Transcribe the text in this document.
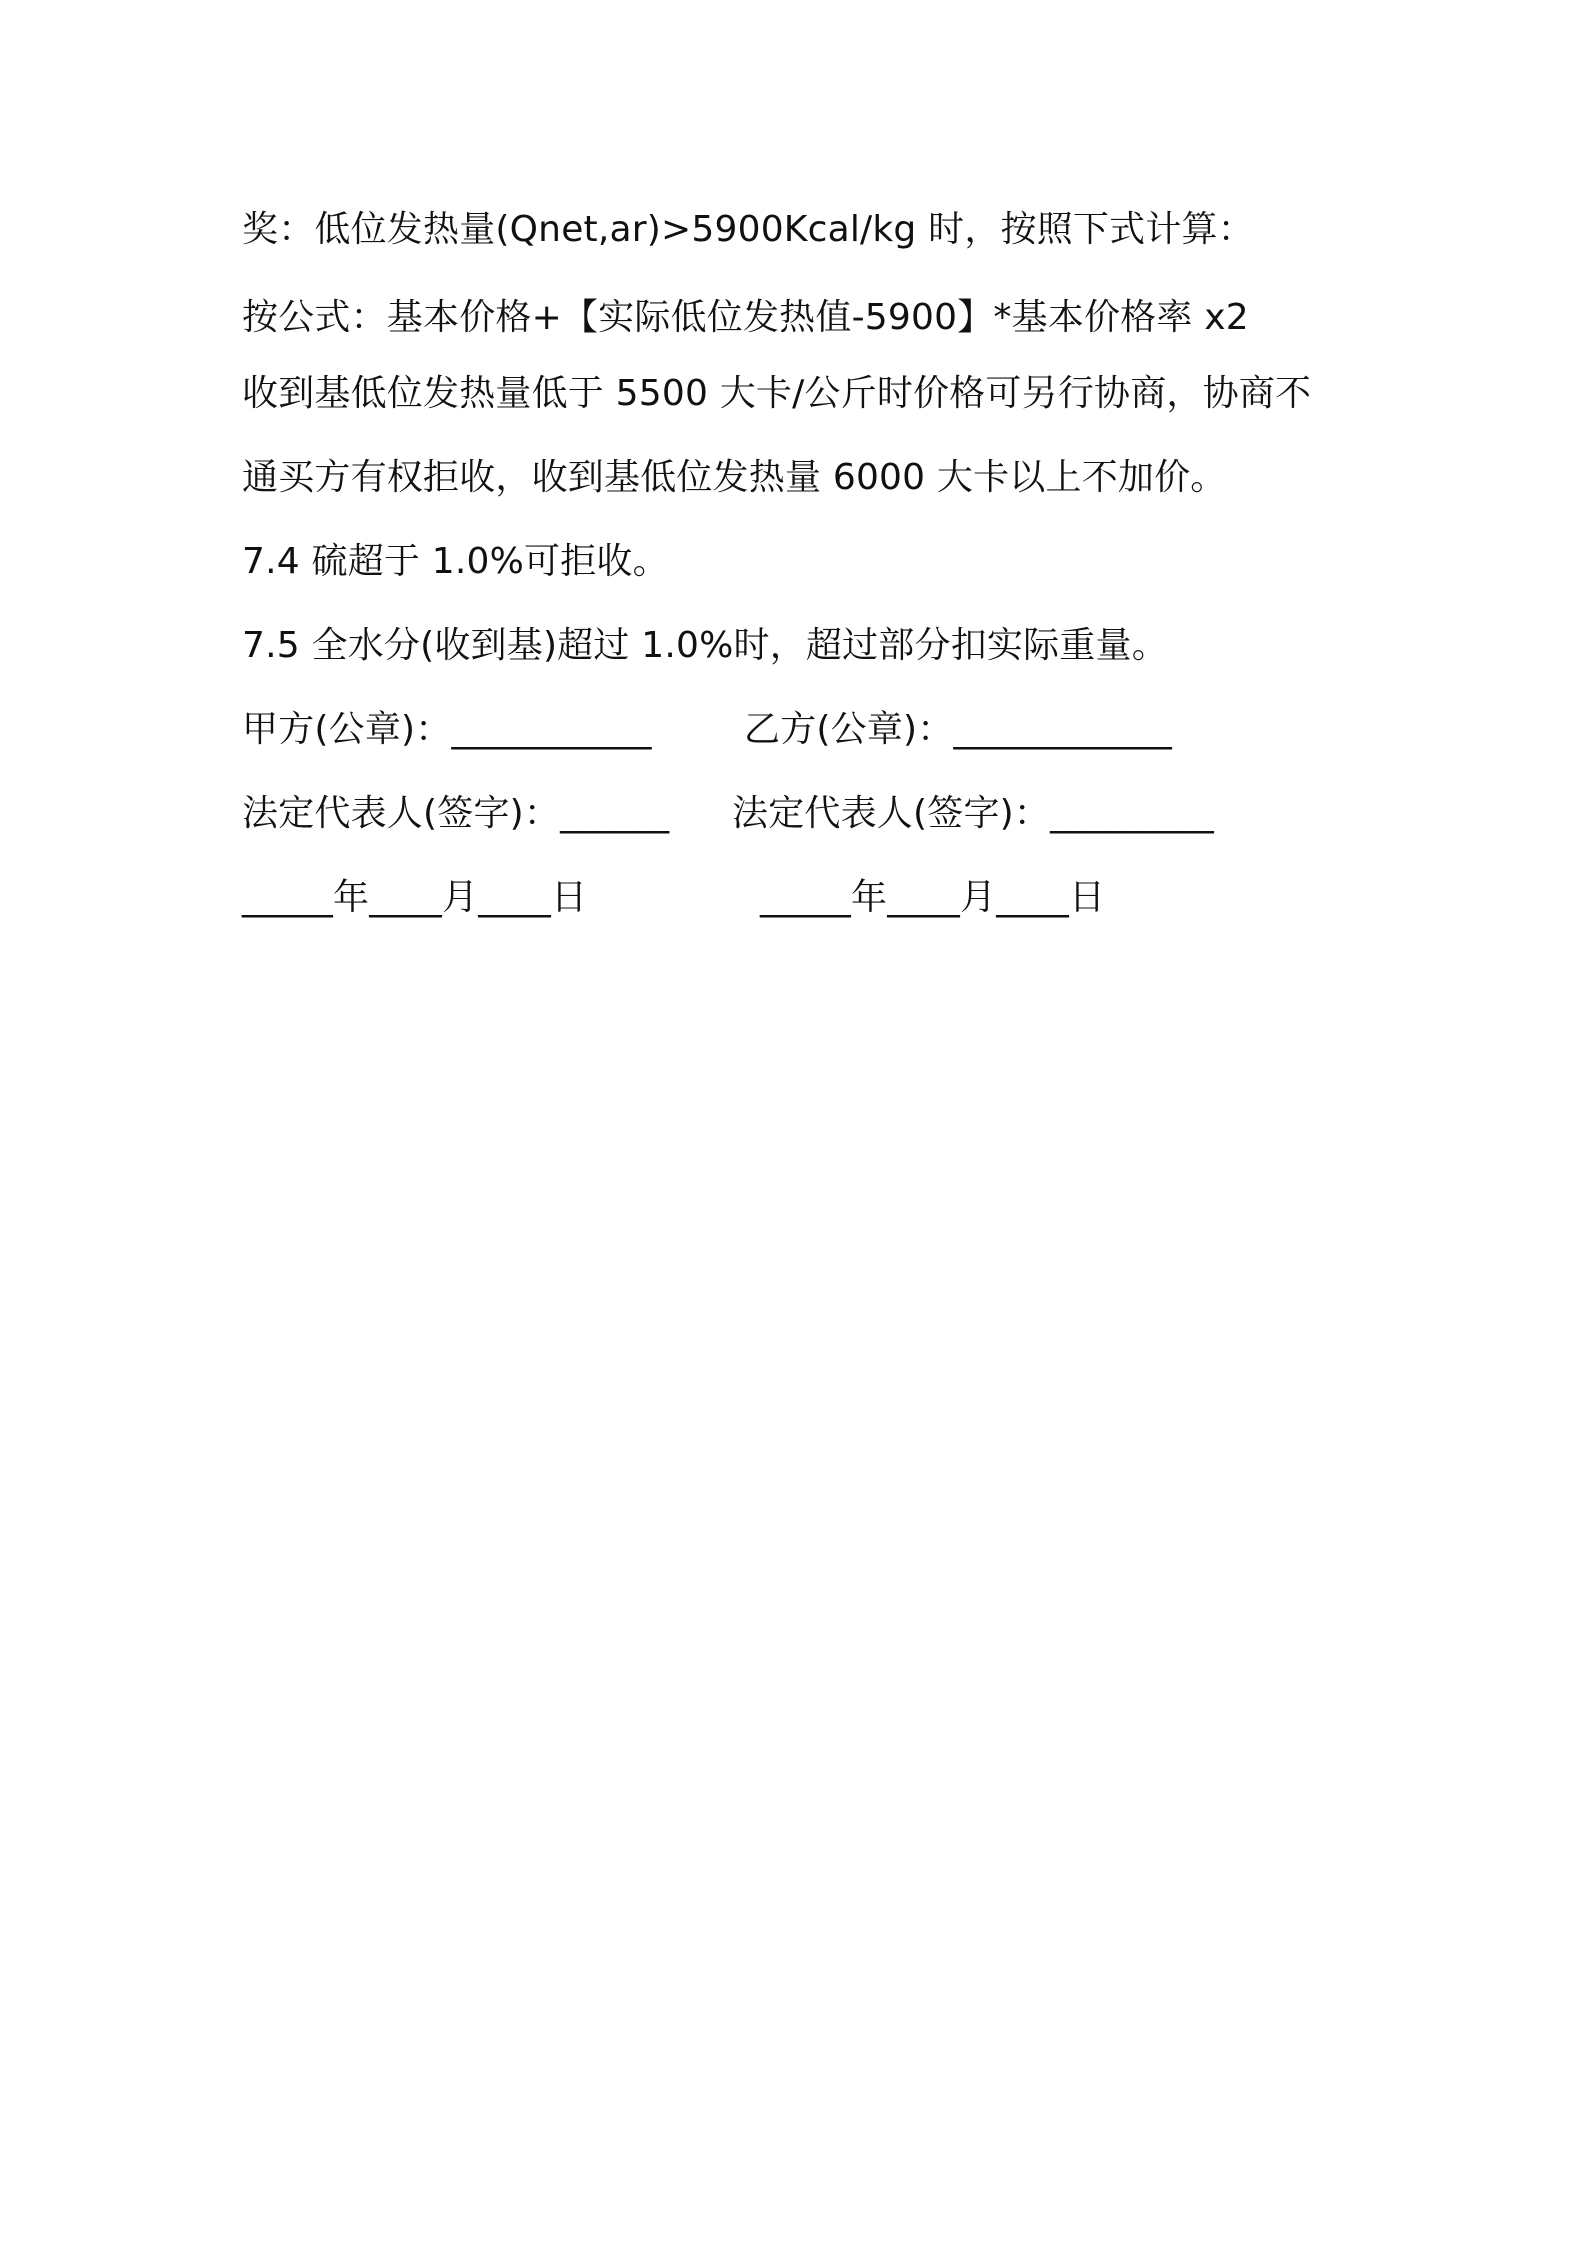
奖：低位发热量(Qnet,ar)>5900Kcal/kg 时，按照下式计算：

按公式：基本价格+【实际低位发热值-5900】*基本价格率 x2

收到基低位发热量低于 5500 大卡/公斤时价格可另行协商，协商不

通买方有权拒收，收到基低位发热量 6000 大卡以上不加价。

7.4 硫超于 1.0%可拒收。

7.5 全水分(收到基)超过 1.0%时，超过部分扣实际重量。

甲方(公章)：___________	乙方(公章)：____________

法定代表人(签字)：______ 法定代表人(签字)：_________

_____年____月____日	_____年____月____日
